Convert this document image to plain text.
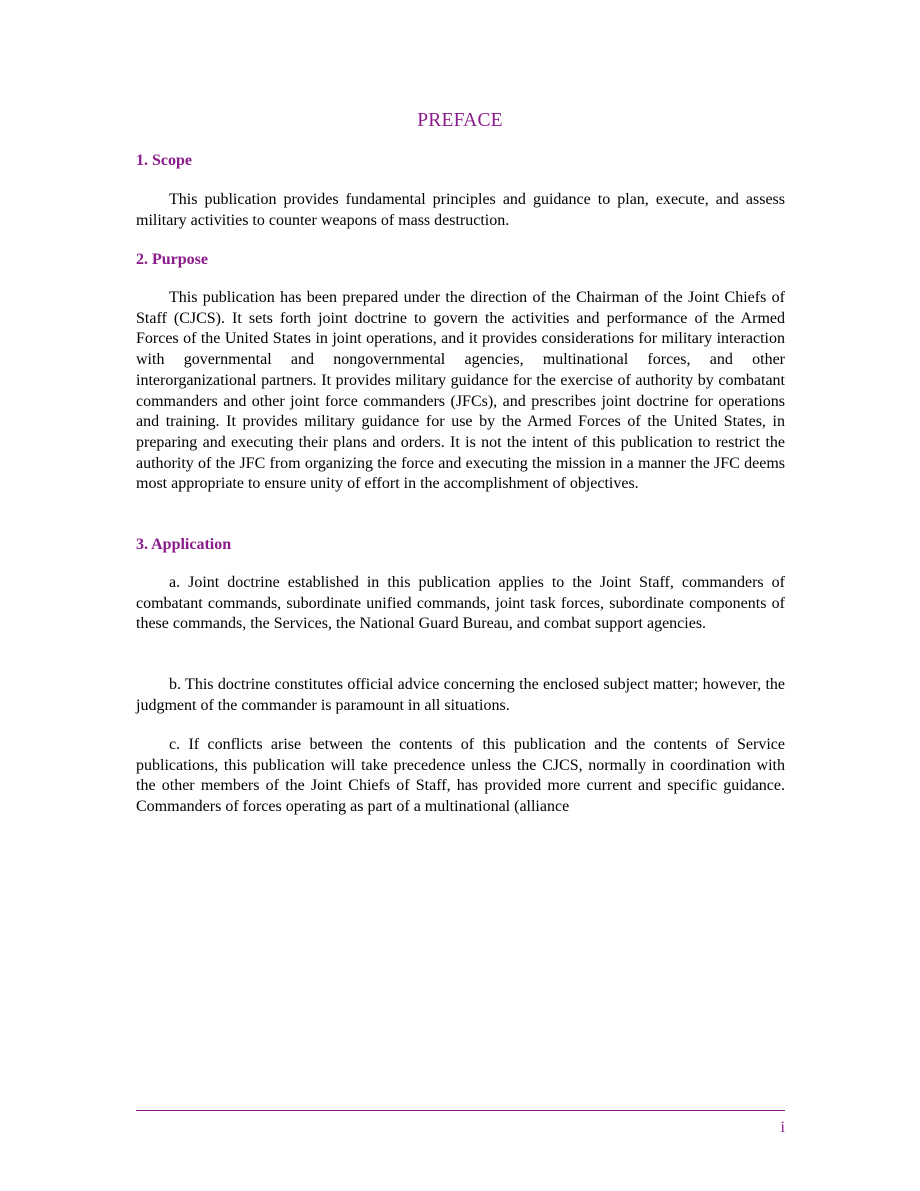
PREFACE
1. Scope

This publication provides fundamental principles and guidance to plan, execute, and assess military activities to counter weapons of mass destruction.

2. Purpose

This publication has been prepared under the direction of the Chairman of the Joint Chiefs of Staff (CJCS). It sets forth joint doctrine to govern the activities and performance of the Armed Forces of the United States in joint operations, and it provides considerations for military interaction with governmental and nongovernmental agencies, multinational forces, and other interorganizational partners. It provides military guidance for the exercise of authority by combatant commanders and other joint force commanders (JFCs), and prescribes joint doctrine for operations and training. It provides military guidance for use by the Armed Forces of the United States, in preparing and executing their plans and orders. It is not the intent of this publication to restrict the authority of the JFC from organizing the force and executing the mission in a manner the JFC deems most appropriate to ensure unity of effort in the accomplishment of objectives.

3. Application

a. Joint doctrine established in this publication applies to the Joint Staff, commanders of combatant commands, subordinate unified commands, joint task forces, subordinate components of these commands, the Services, the National Guard Bureau, and combat support agencies.

b. This doctrine constitutes official advice concerning the enclosed subject matter; however, the judgment of the commander is paramount in all situations.

c. If conflicts arise between the contents of this publication and the contents of Service publications, this publication will take precedence unless the CJCS, normally in coordination with the other members of the Joint Chiefs of Staff, has provided more current and specific guidance. Commanders of forces operating as part of a multinational (alliance

i
